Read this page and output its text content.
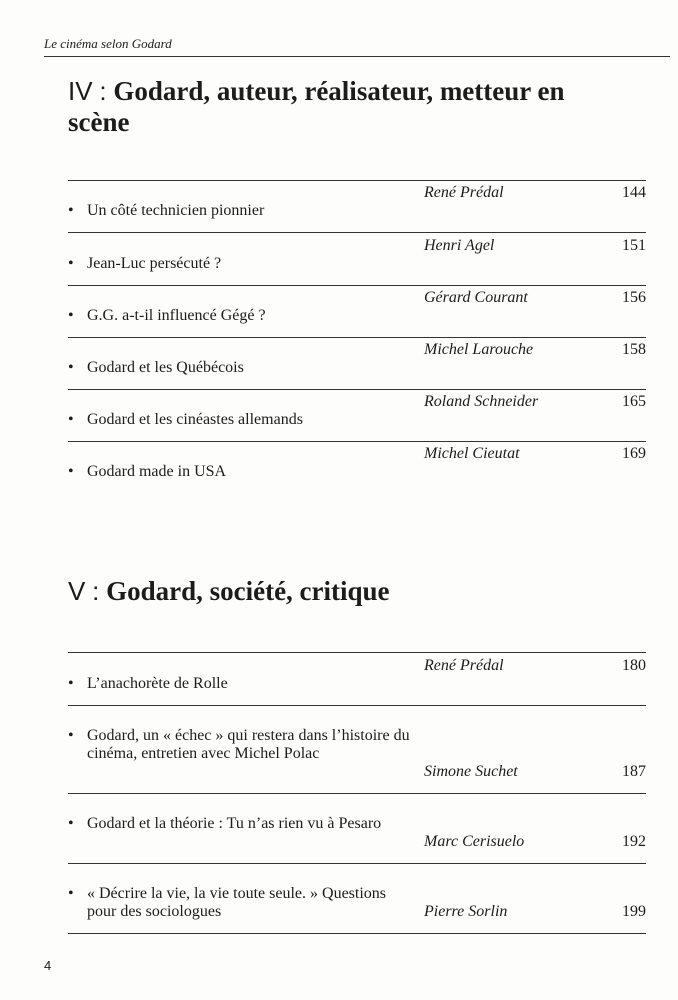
Le cinéma selon Godard
IV : Godard, auteur, réalisateur, metteur en scène
• Un côté technicien pionnier
René Prédal	144
• Jean-Luc persécuté ?
Henri Agel	151
• G.G. a-t-il influencé Gégé ?
Gérard Courant	156
• Godard et les Québécois
Michel Larouche	158
• Godard et les cinéastes allemands
Roland Schneider	165
• Godard made in USA
Michel Cieutat	169
V : Godard, société, critique
• L’anachorète de Rolle
René Prédal	180
• Godard, un « échec » qui restera dans l’histoire du cinéma, entretien avec Michel Polac
Simone Suchet	187
• Godard et la théorie : Tu n’as rien vu à Pesaro
Marc Cerisuelo	192
• « Décrire la vie, la vie toute seule. » Questions pour des sociologues	Pierre Sorlin	199
4
